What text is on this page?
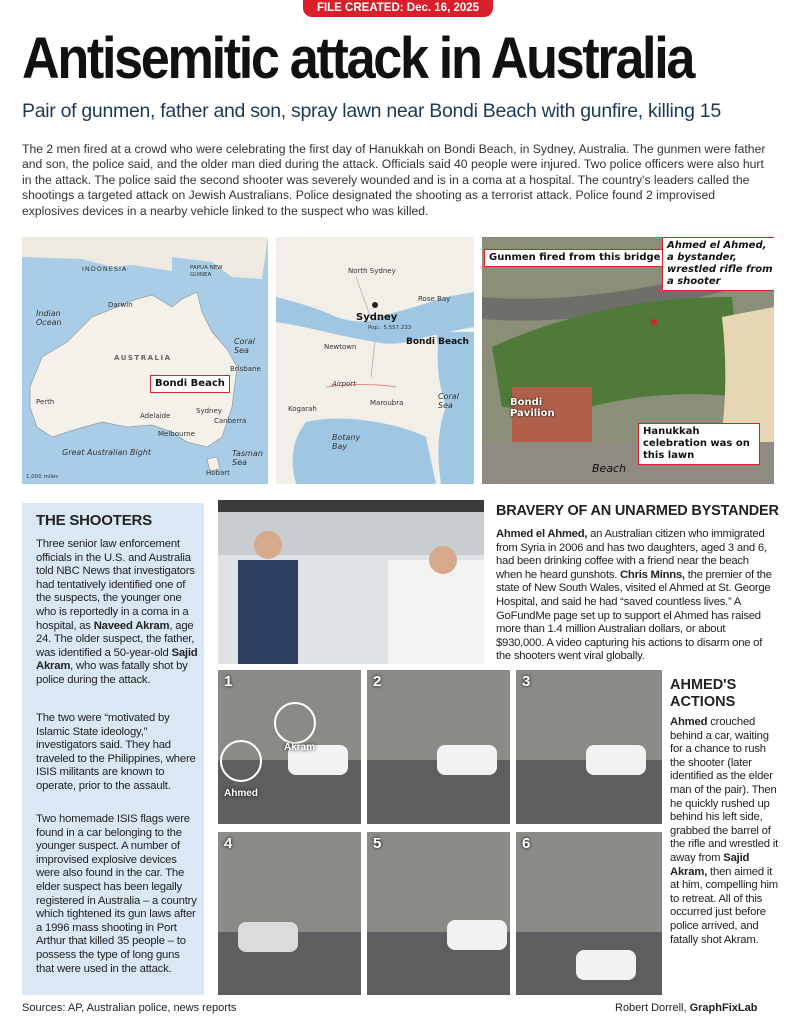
FILE CREATED: Dec. 16, 2025
Antisemitic attack in Australia
Pair of gunmen, father and son, spray lawn near Bondi Beach with gunfire, killing 15
The 2 men fired at a crowd who were celebrating the first day of Hanukkah on Bondi Beach, in Sydney, Australia. The gunmen were father and son, the police said, and the older man died during the attack. Officials said 40 people were injured. Two police officers were also hurt in the attack. The police said the second shooter was severely wounded and is in a coma at a hospital. The country's leaders called the shootings a targeted attack on Jewish Australians. Police designated the shooting as a terrorist attack. Police found 2 improvised explosives devices in a nearby vehicle linked to the suspect who was killed.
INDONESIA	PAPUA NEW GUINEA
Indian Ocean
Darwin
AUSTRALIA
Coral Sea
Brisbane
Bondi Beach
Perth
Adelaide
Sydney
Canberra
Melbourne
Great Australian Bight	Tasman Sea
Hobart
1,000 miles
North Sydney
Rose Bay
Sydney
Pop.: 5,557,233
Bondi Beach
Newtown
Airport
Kogarah
Maroubra
Coral Sea
Botany Bay
Gunmen fired from this bridge
Ahmed el Ahmed, a bystander, wrestled rifle from a shooter
Bondi Pavilion
Hanukkah celebration was on this lawn
Beach
THE SHOOTERS
Three senior law enforcement officials in the U.S. and Australia told NBC News that investigators had tentatively identified one of the suspects, the younger one who is reportedly in a coma in a hospital, as Naveed Akram, age 24. The older suspect, the father, was identified a 50-year-old Sajid Akram, who was fatally shot by police during the attack.
The two were “motivated by Islamic State ideology,” investigators said. They had traveled to the Philippines, where ISIS militants are known to operate, prior to the assault.
Two homemade ISIS flags were found in a car belonging to the younger suspect. A number of improvised explosive devices were also found in the car. The elder suspect has been legally registered in Australia – a country which tightened its gun laws after a 1996 mass shooting in Port Arthur that killed 35 people – to possess the type of long guns that were used in the attack.
BRAVERY OF AN UNARMED BYSTANDER
Ahmed el Ahmed, an Australian citizen who immigrated from Syria in 2006 and has two daughters, aged 3 and 6, had been drinking coffee with a friend near the beach when he heard gunshots. Chris Minns, the premier of the state of New South Wales, visited el Ahmed at St. George Hospital, and said he had “saved countless lives.” A GoFundMe page set up to support el Ahmed has raised more than 1.4 million Australian dollars, or about $930,000. A video capturing his actions to disarm one of the shooters went viral globally.
1
Akram
Ahmed
2	3
4	5	6
AHMED'S ACTIONS
Ahmed crouched behind a car, waiting for a chance to rush the shooter (later identified as the elder man of the pair). Then he quickly rushed up behind his left side, grabbed the barrel of the rifle and wrestled it away from Sajid Akram, then aimed it at him, compelling him to retreat. All of this occurred just before police arrived, and fatally shot Akram.
Sources: AP, Australian police, news reports	Robert Dorrell, GraphFixLab
